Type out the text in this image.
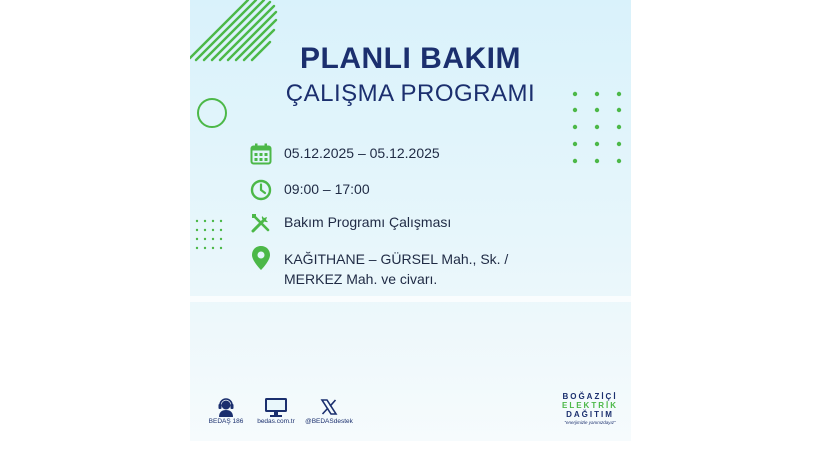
PLANLI BAKIM
ÇALIŞMA PROGRAMI
05.12.2025 – 05.12.2025
09:00 – 17:00
Bakım Programı Çalışması
KAĞITHANE – GÜRSEL Mah., Sk. /
MERKEZ Mah. ve civarı.
BEDAŞ 186	bedas.com.tr	@BEDASdestek
BOĞAZİÇİ
ELEKTRİK
DAĞITIM
"enerjimizle yanınızdayız"
